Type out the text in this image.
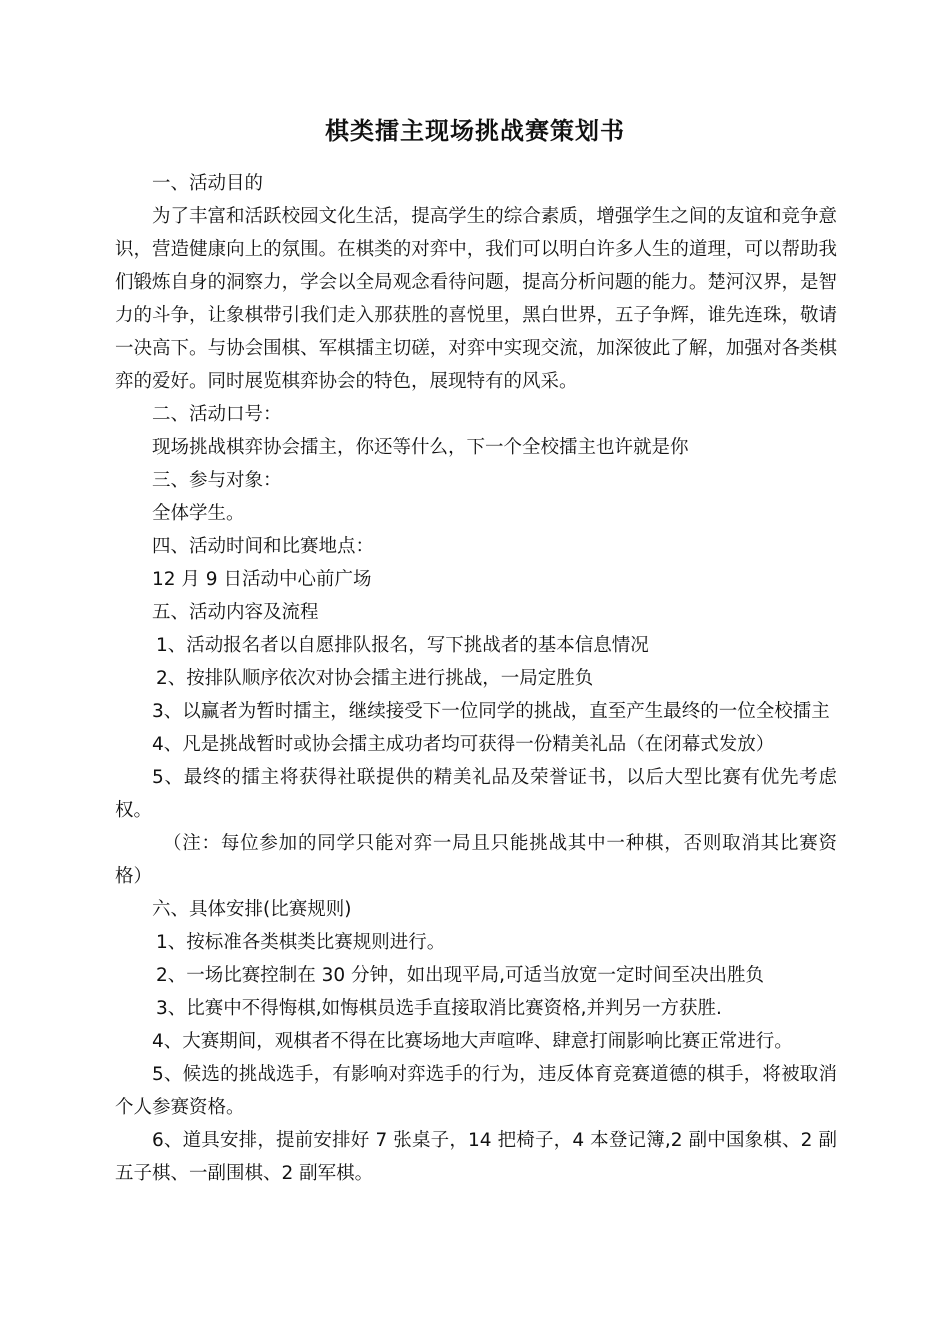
棋类擂主现场挑战赛策划书

一、活动目的

为了丰富和活跃校园文化生活，提高学生的综合素质，增强学生之间的友谊和竞争意识，营造健康向上的氛围。在棋类的对弈中，我们可以明白许多人生的道理，可以帮助我们锻炼自身的洞察力，学会以全局观念看待问题，提高分析问题的能力。楚河汉界，是智力的斗争，让象棋带引我们走入那获胜的喜悦里，黑白世界，五子争辉，谁先连珠，敬请一决高下。与协会围棋、军棋擂主切磋，对弈中实现交流，加深彼此了解，加强对各类棋弈的爱好。同时展览棋弈协会的特色，展现特有的风采。

二、活动口号：

现场挑战棋弈协会擂主，你还等什么，下一个全校擂主也许就是你

三、参与对象：

全体学生。

四、活动时间和比赛地点：

12 月 9 日活动中心前广场

五、活动内容及流程

1、活动报名者以自愿排队报名，写下挑战者的基本信息情况

2、按排队顺序依次对协会擂主进行挑战，一局定胜负

3、以赢者为暂时擂主，继续接受下一位同学的挑战，直至产生最终的一位全校擂主

4、凡是挑战暂时或协会擂主成功者均可获得一份精美礼品（在闭幕式发放）

5、最终的擂主将获得社联提供的精美礼品及荣誉证书，以后大型比赛有优先考虑权。

（注：每位参加的同学只能对弈一局且只能挑战其中一种棋，否则取消其比赛资格）

六、具体安排(比赛规则)

1、按标准各类棋类比赛规则进行。

2、一场比赛控制在 30 分钟，如出现平局,可适当放宽一定时间至决出胜负

3、比赛中不得悔棋,如悔棋员选手直接取消比赛资格,并判另一方获胜.

4、大赛期间，观棋者不得在比赛场地大声喧哗、肆意打闹影响比赛正常进行。

5、候选的挑战选手，有影响对弈选手的行为，违反体育竞赛道德的棋手，将被取消个人参赛资格。

6、道具安排，提前安排好 7 张桌子，14 把椅子，4 本登记簿,2 副中国象棋、2 副五子棋、一副围棋、2 副军棋。
